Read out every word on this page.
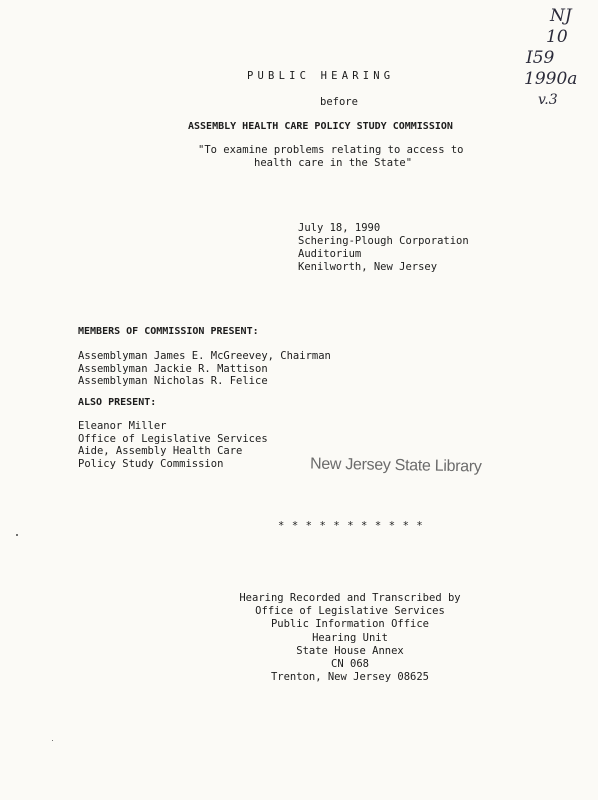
NJ
10
I59
1990a
v.3
PUBLIC HEARING
before
ASSEMBLY HEALTH CARE POLICY STUDY COMMISSION
"To examine problems relating to access to
health care in the State"
July 18, 1990
Schering-Plough Corporation
Auditorium
Kenilworth, New Jersey
MEMBERS OF COMMISSION PRESENT:
Assemblyman James E. McGreevey, Chairman
Assemblyman Jackie R. Mattison
Assemblyman Nicholas R. Felice
ALSO PRESENT:
Eleanor Miller
Office of Legislative Services
Aide, Assembly Health Care
Policy Study Commission	New Jersey State Library
* * * * * * * * * * *
Hearing Recorded and Transcribed by
Office of Legislative Services
Public Information Office
Hearing Unit
State House Annex
CN 068
Trenton, New Jersey 08625
